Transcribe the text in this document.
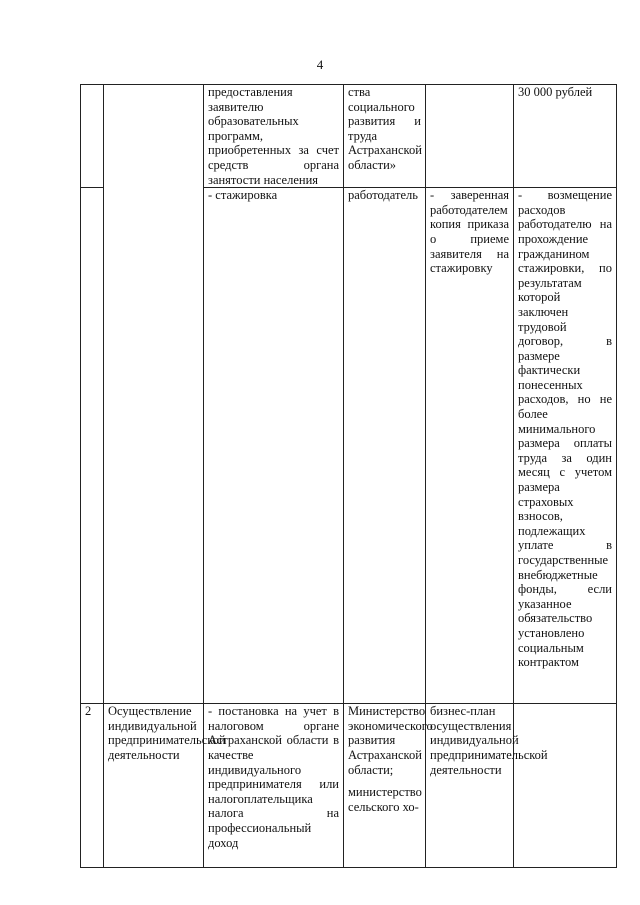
4
		предоставления заявителю образовательных программ, приобретенных за счет средств органа занятости населения	ства социального развития и труда Астраханской области»		30 000 рублей
		- стажировка	работодатель	- заверенная работодателем копия приказа о приеме заявителя на стажировку	- возмещение расходов работодателю на прохождение гражданином стажировки, по результатам которой заключен трудовой договор, в размере фактически понесенных расходов, но не более минимального размера оплаты труда за один месяц с учетом размера страховых взносов, подлежащих уплате в государственные внебюджетные фонды, если указанное обязательство установлено социальным контрактом
2	Осуществление индивидуальной предпринимательской деятельности	- постановка на учет в налоговом органе Астраханской области в качестве индивидуального предпринимателя или налогоплательщика налога на профессиональный доход	Министерство экономического развития Астраханской области;
министерство сельского хо-	бизнес-план осуществления индивидуальной предпринимательской деятельности	
